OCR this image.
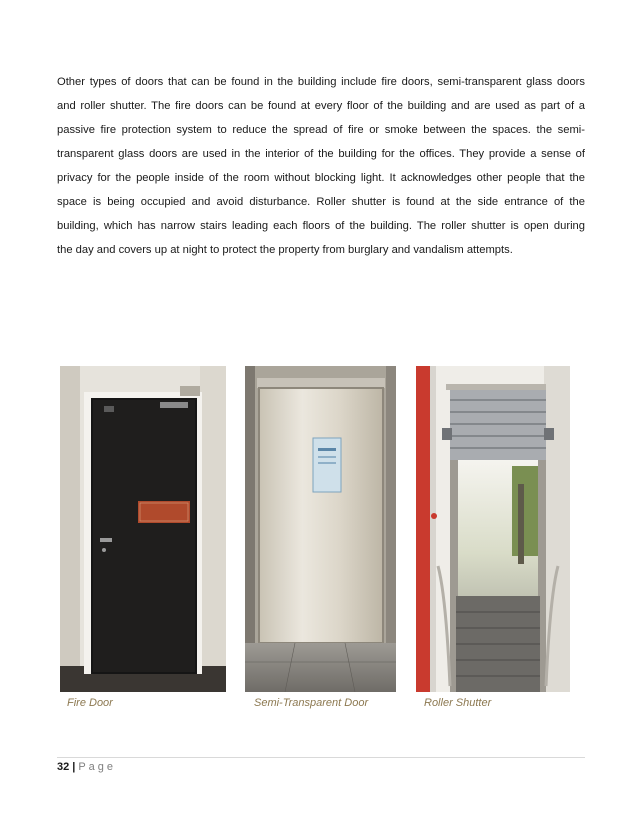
Other types of doors that can be found in the building include fire doors, semi-transparent glass doors
and roller shutter. The fire doors can be found at every floor of the building and are used as part of a
passive fire protection system to reduce the spread of fire or smoke between the spaces. the semi-
transparent glass doors are used in the interior of the building for the offices. They provide a sense of
privacy for the people inside of the room without blocking light. It acknowledges other people that the
space is being occupied and avoid disturbance. Roller shutter is found at the side entrance of the
building, which has narrow stairs leading each floors of the building. The roller shutter is open during
the day and covers up at night to protect the property from burglary and vandalism attempts.
Fire Door	Semi-Transparent Door	Roller Shutter
32 | Page
